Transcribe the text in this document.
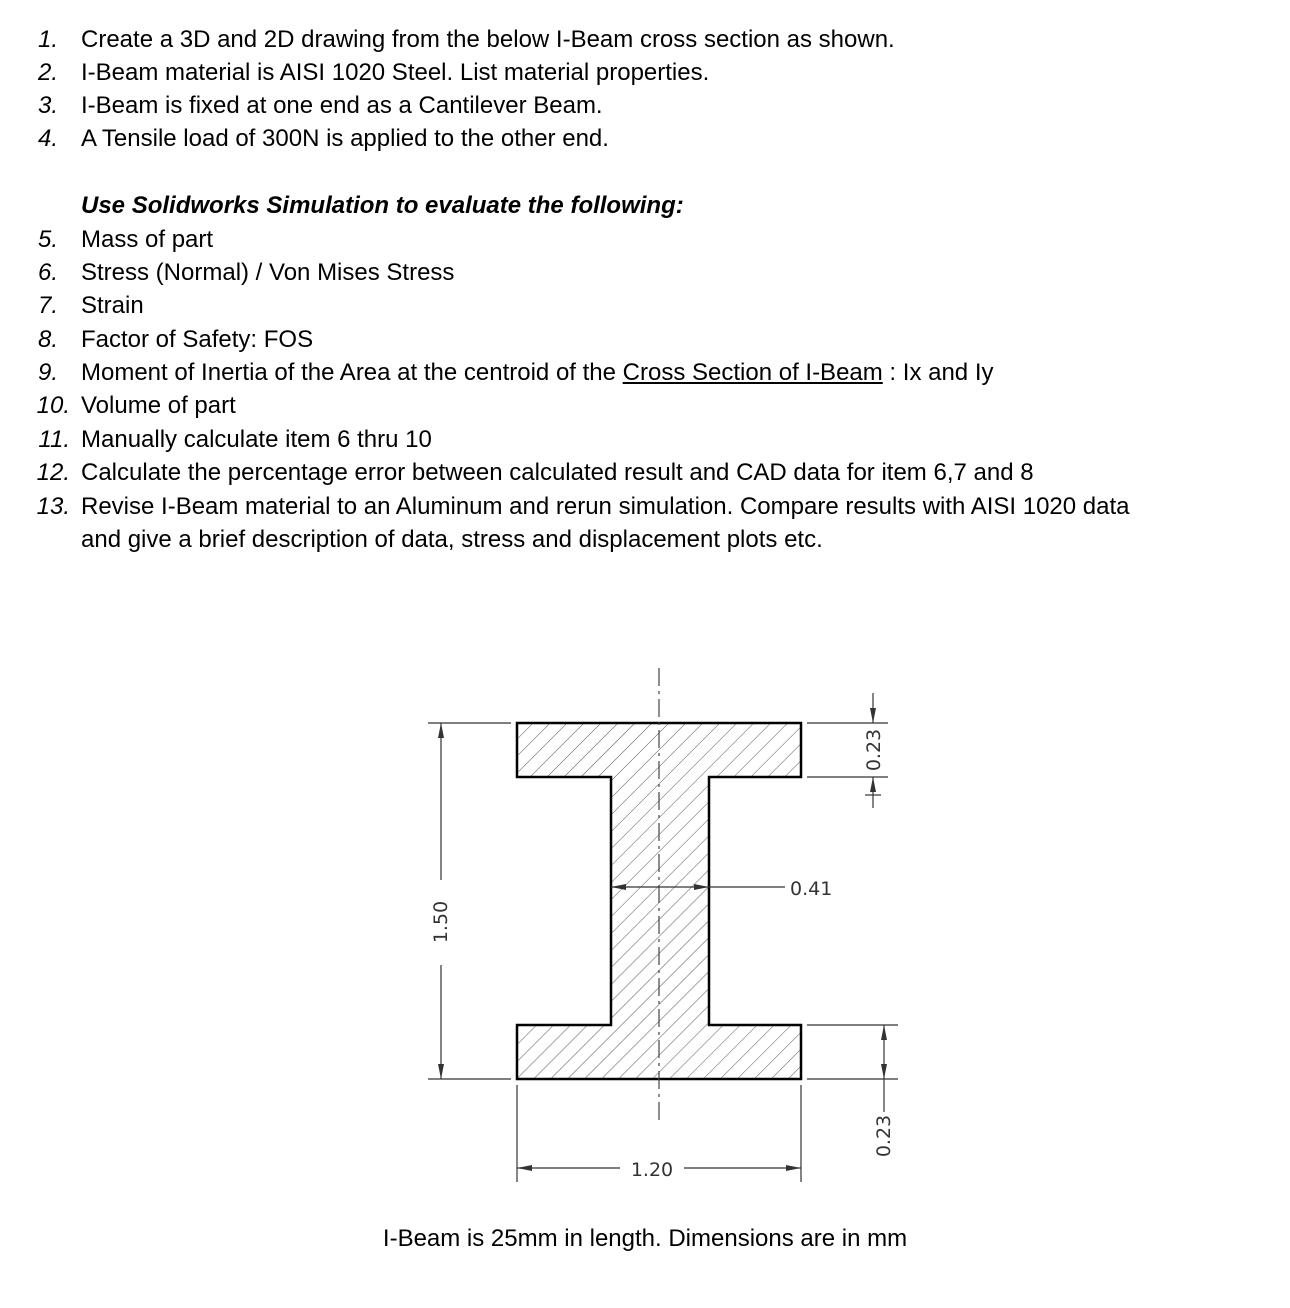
1. Create a 3D and 2D drawing from the below I-Beam cross section as shown.
2. I-Beam material is AISI 1020 Steel. List material properties.
3. I-Beam is fixed at one end as a Cantilever Beam.
4. A Tensile load of 300N is applied to the other end.
Use Solidworks Simulation to evaluate the following:
5. Mass of part
6. Stress (Normal) / Von Mises Stress
7. Strain
8. Factor of Safety: FOS
9. Moment of Inertia of the Area at the centroid of the Cross Section of I-Beam : Ix and Iy
10. Volume of part
11. Manually calculate item 6 thru 10
12. Calculate the percentage error between calculated result and CAD data for item 6,7 and 8
13. Revise I-Beam material to an Aluminum and rerun simulation. Compare results with AISI 1020 data
and give a brief description of data, stress and displacement plots etc.
1.50
1.20
0.41
0.23
0.23
I-Beam is 25mm in length. Dimensions are in mm
